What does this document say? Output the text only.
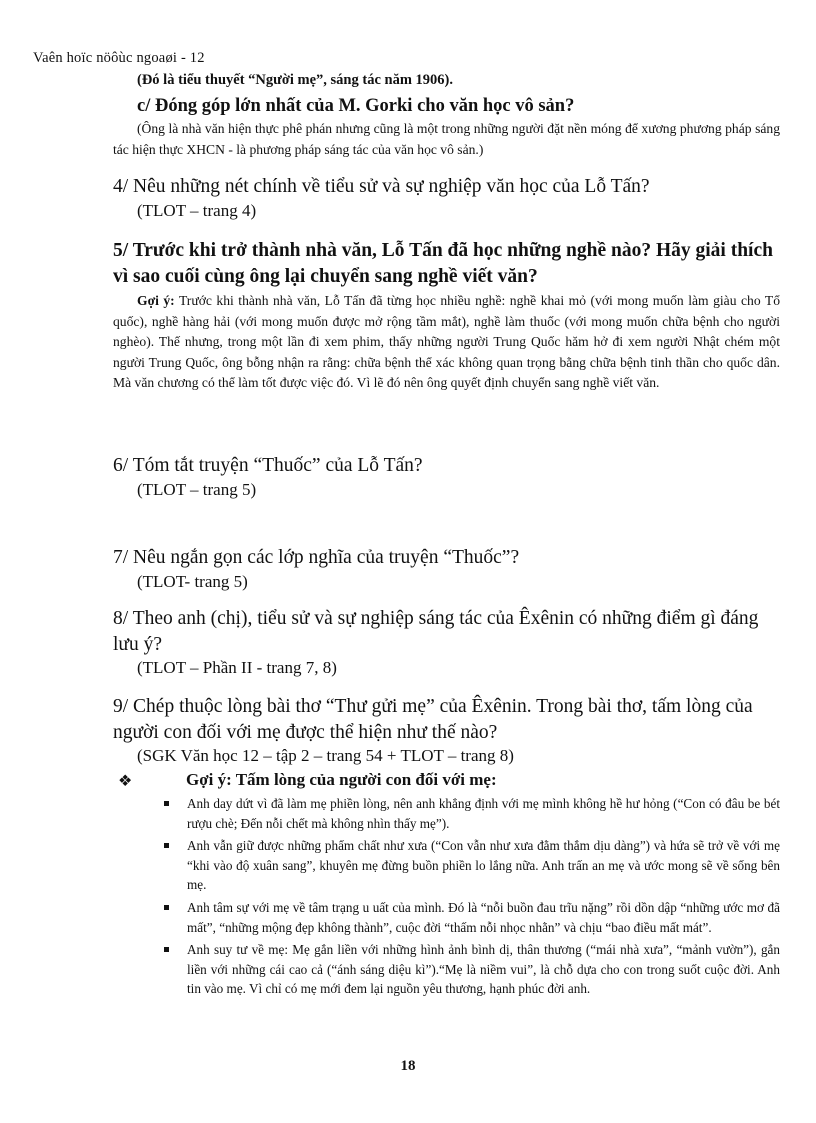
Vaên hoïc nöôùc ngoaøi - 12
(Đó là tiểu thuyết “Người mẹ”, sáng tác năm 1906).
c/ Đóng góp lớn nhất của M. Gorki cho văn học vô sản?
(Ông là nhà văn hiện thực phê phán nhưng cũng là một trong những người đặt nền móng để xương phương pháp sáng tác hiện thực XHCN - là phương pháp sáng tác của văn học vô sản.)
4/ Nêu những nét chính về tiểu sử và sự nghiệp văn học của Lỗ Tấn?
(TLOT – trang 4)
5/ Trước khi trở thành nhà văn, Lỗ Tấn đã học những nghề nào? Hãy giải thích vì sao cuối cùng ông lại chuyển sang nghề viết văn?
Gợi ý: Trước khi thành nhà văn, Lỗ Tấn đã từng học nhiều nghề: nghề khai mỏ (với mong muốn làm giàu cho Tổ quốc), nghề hàng hải (với mong muốn được mở rộng tầm mắt), nghề làm thuốc (với mong muốn chữa bệnh cho người nghèo). Thế nhưng, trong một lần đi xem phim, thấy những người Trung Quốc hăm hở đi xem người Nhật chém một người Trung Quốc, ông bỗng nhận ra rằng: chữa bệnh thể xác không quan trọng bằng chữa bệnh tinh thần cho quốc dân. Mà văn chương có thể làm tốt được việc đó. Vì lẽ đó nên ông quyết định chuyển sang nghề viết văn.
6/ Tóm tắt truyện “Thuốc” của Lỗ Tấn?
(TLOT – trang 5)
7/ Nêu ngắn gọn các lớp nghĩa của truyện “Thuốc”?
(TLOT- trang 5)
8/ Theo anh (chị), tiểu sử và sự nghiệp sáng tác của Êxênin có những điểm gì đáng lưu ý?
(TLOT – Phần II - trang 7, 8)
9/ Chép thuộc lòng bài thơ “Thư gửi mẹ” của Êxênin. Trong bài thơ, tấm lòng của người con đối với mẹ được thể hiện như thế nào?
(SGK Văn học 12 – tập 2 – trang 54 + TLOT – trang 8)
❖	Gợi ý: Tấm lòng của người con đối với mẹ:
Anh day dứt vì đã làm mẹ phiền lòng, nên anh khẳng định với mẹ mình không hề hư hỏng (“Con có đâu be bét rượu chè; Đến nỗi chết mà không nhìn thấy mẹ”).
Anh vẫn giữ được những phẩm chất như xưa (“Con vẫn như xưa đằm thắm dịu dàng”) và hứa sẽ trở về với mẹ “khi vào độ xuân sang”, khuyên mẹ đừng buồn phiền lo lắng nữa. Anh trấn an mẹ và ước mong sẽ về sống bên mẹ.
Anh tâm sự với mẹ về tâm trạng u uất của mình. Đó là “nỗi buồn đau trĩu nặng” rồi dồn dập “những ước mơ đã mất”, “những mộng đẹp không thành”, cuộc đời “thấm nỗi nhọc nhằn” và chịu “bao điều mất mát”.
Anh suy tư về mẹ: Mẹ gắn liền với những hình ảnh bình dị, thân thương (“mái nhà xưa”, “mảnh vườn”), gắn liền với những cái cao cả (“ánh sáng diệu kì”).“Mẹ là niềm vui”, là chỗ dựa cho con trong suốt cuộc đời. Anh tin vào mẹ. Vì chỉ có mẹ mới đem lại nguồn yêu thương, hạnh phúc đời anh.
18
